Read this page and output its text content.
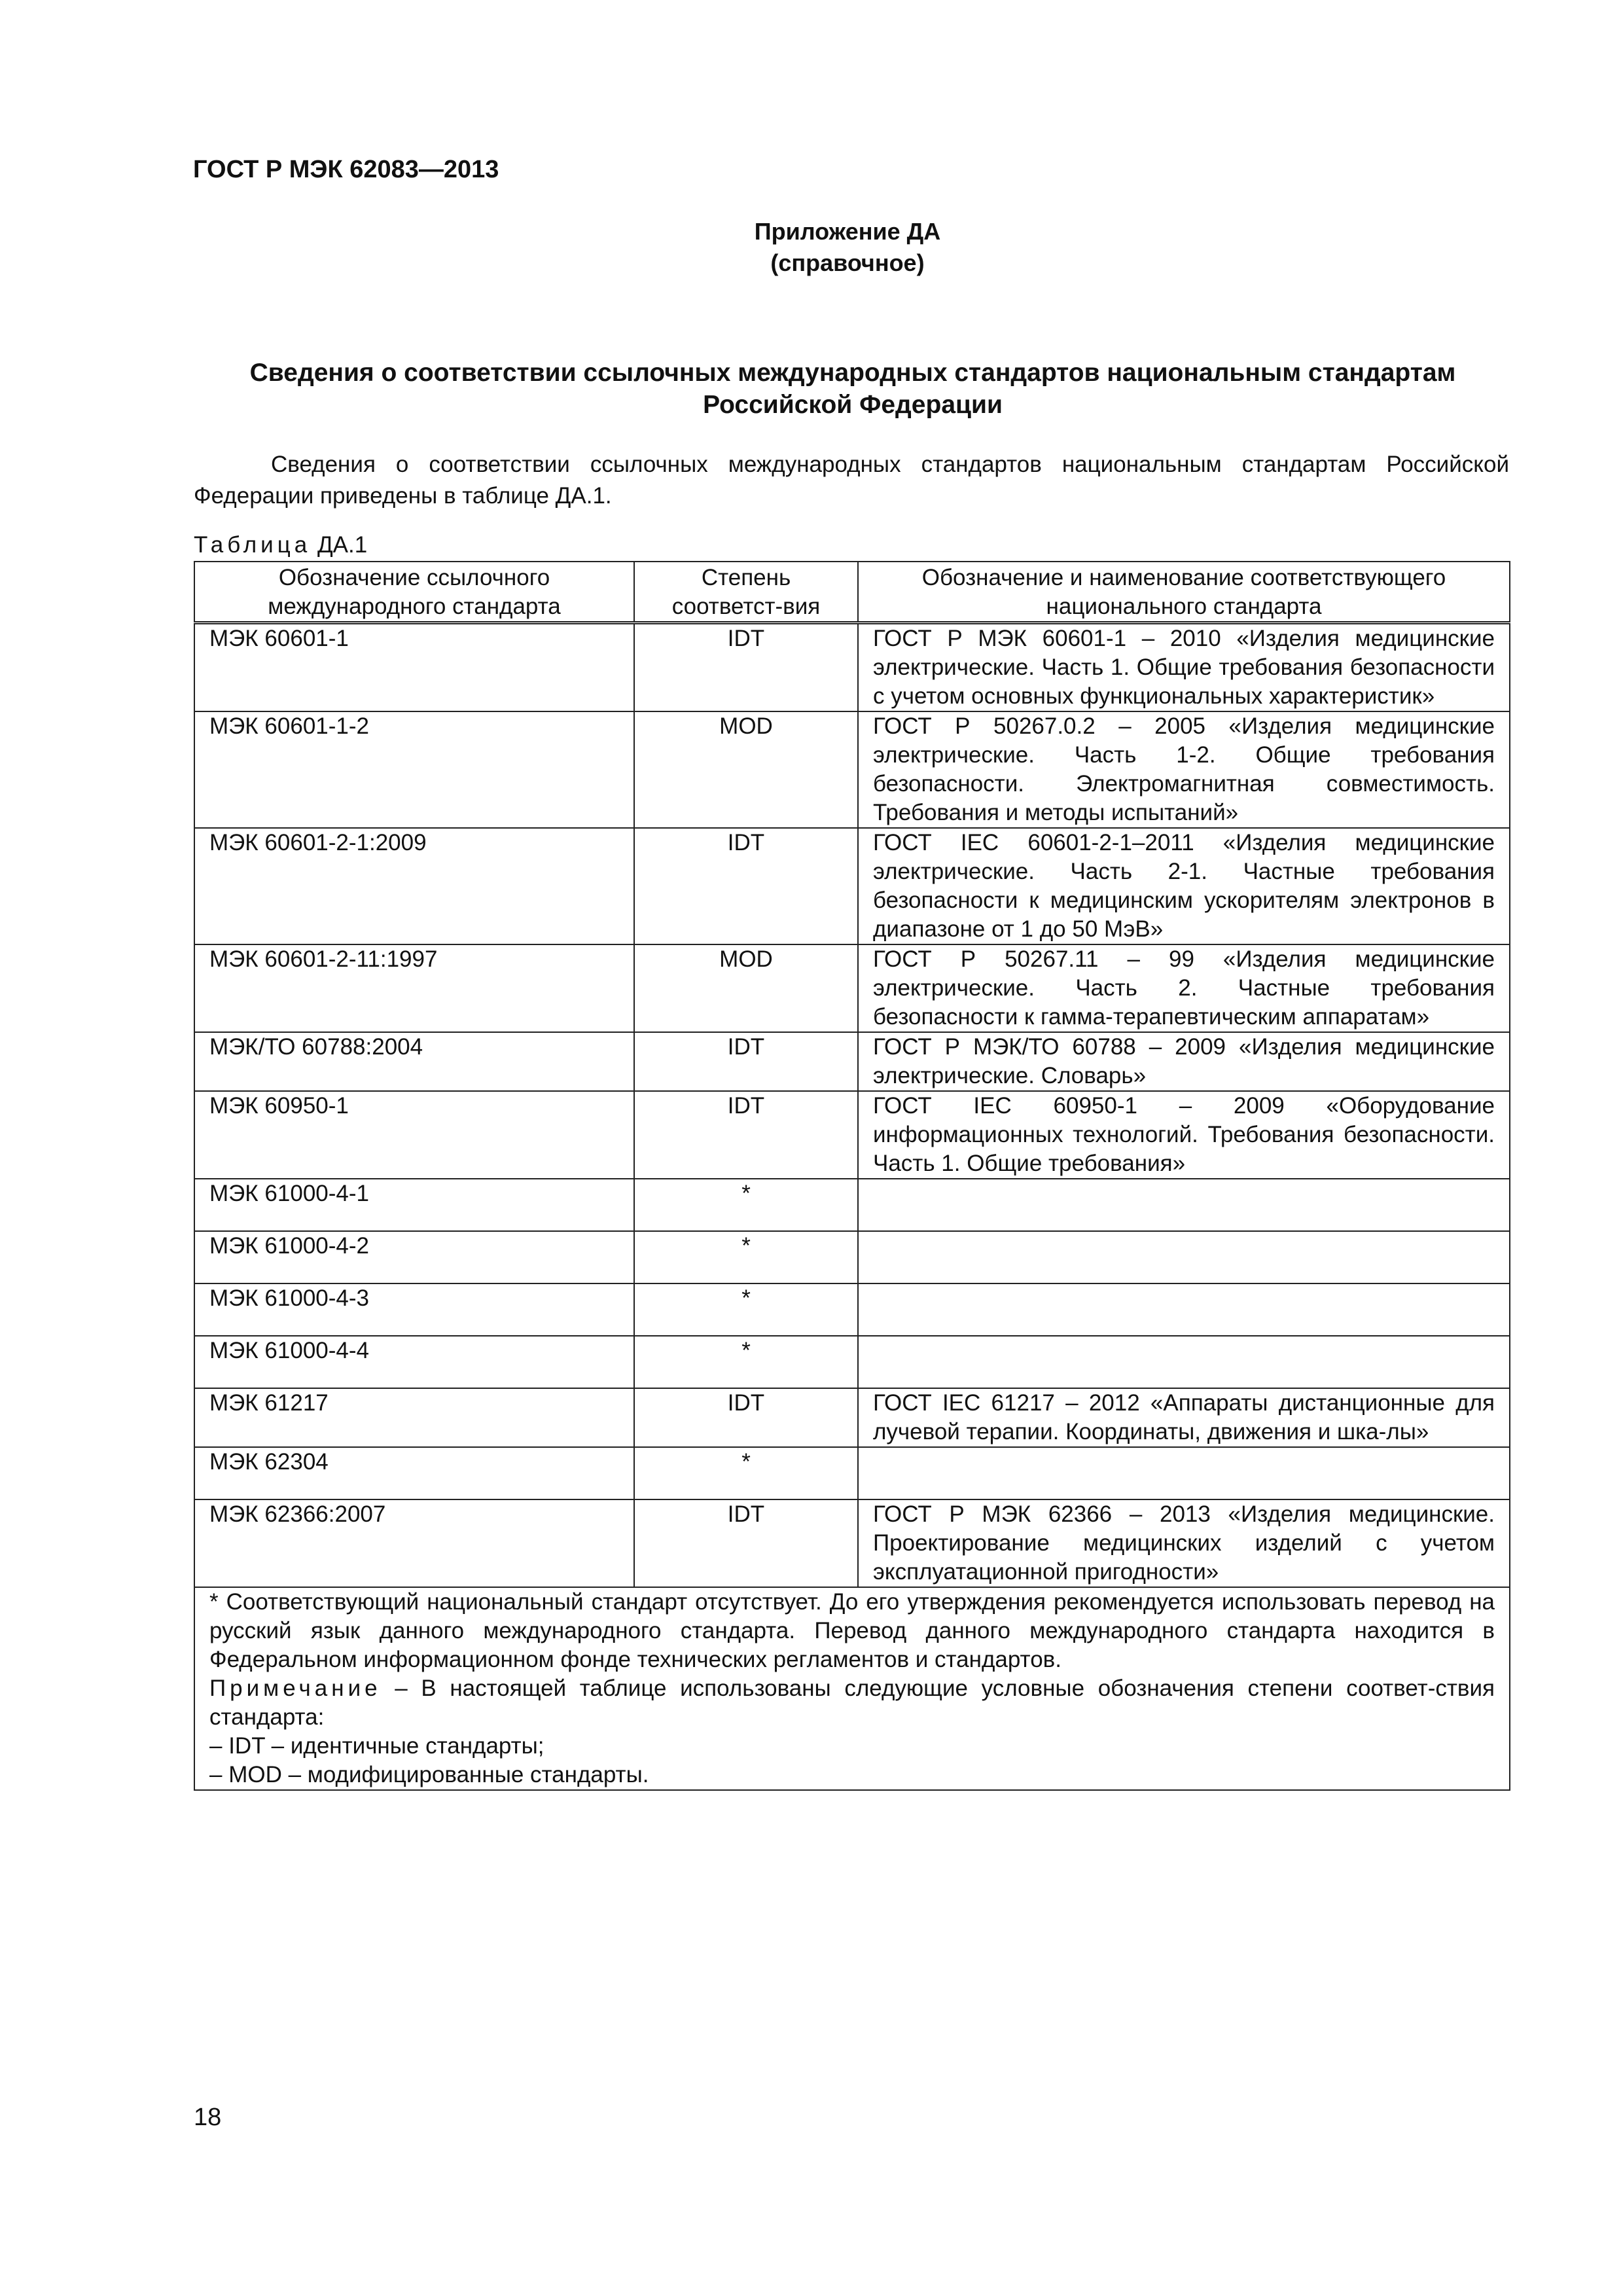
ГОСТ Р МЭК 62083—2013
Приложение ДА
(справочное)
Сведения о соответствии ссылочных международных стандартов национальным стандартам Российской Федерации
Сведения о соответствии ссылочных международных стандартов национальным стандартам Российской Федерации приведены в таблице ДА.1.
Таблица ДА.1
Обозначение ссылочного международного стандарта	Степень соответст-вия	Обозначение и наименование соответствующего национального стандарта
МЭК 60601-1	IDT	ГОСТ Р МЭК 60601-1 – 2010 «Изделия медицинские электрические. Часть 1. Общие требования безопасности с учетом основных функциональных характеристик»
МЭК 60601-1-2	MOD	ГОСТ Р 50267.0.2 – 2005 «Изделия медицинские электрические. Часть 1-2. Общие требования безопасности. Электромагнитная совместимость. Требования и методы испытаний»
МЭК 60601-2-1:2009	IDT	ГОСТ IEC 60601-2-1–2011 «Изделия медицинские электрические. Часть 2-1. Частные требования безопасности к медицинским ускорителям электронов в диапазоне от 1 до 50 МэВ»
МЭК 60601-2-11:1997	MOD	ГОСТ Р 50267.11 – 99 «Изделия медицинские электрические. Часть 2. Частные требования безопасности к гамма-терапевтическим аппаратам»
МЭК/ТО 60788:2004	IDT	ГОСТ Р МЭК/ТО 60788 – 2009 «Изделия медицинские электрические. Словарь»
МЭК 60950-1	IDT	ГОСТ IEC 60950-1 – 2009 «Оборудование информационных технологий. Требования безопасности. Часть 1. Общие требования»
МЭК 61000-4-1	*	
МЭК 61000-4-2	*	
МЭК 61000-4-3	*	
МЭК 61000-4-4	*	
МЭК 61217	IDT	ГОСТ IEC 61217 – 2012 «Аппараты дистанционные для лучевой терапии. Координаты, движения и шка-лы»
МЭК 62304	*	
МЭК 62366:2007	IDT	ГОСТ Р МЭК 62366 – 2013 «Изделия медицинские. Проектирование медицинских изделий с учетом эксплуатационной пригодности»

* Соответствующий национальный стандарт отсутствует. До его утверждения рекомендуется использовать перевод на русский язык данного международного стандарта. Перевод данного международного стандарта находится в Федеральном информационном фонде технических регламентов и стандартов.
Примечание – В настоящей таблице использованы следующие условные обозначения степени соответ-ствия стандарта:
– IDT – идентичные стандарты;
– MOD – модифицированные стандарты.		
18
